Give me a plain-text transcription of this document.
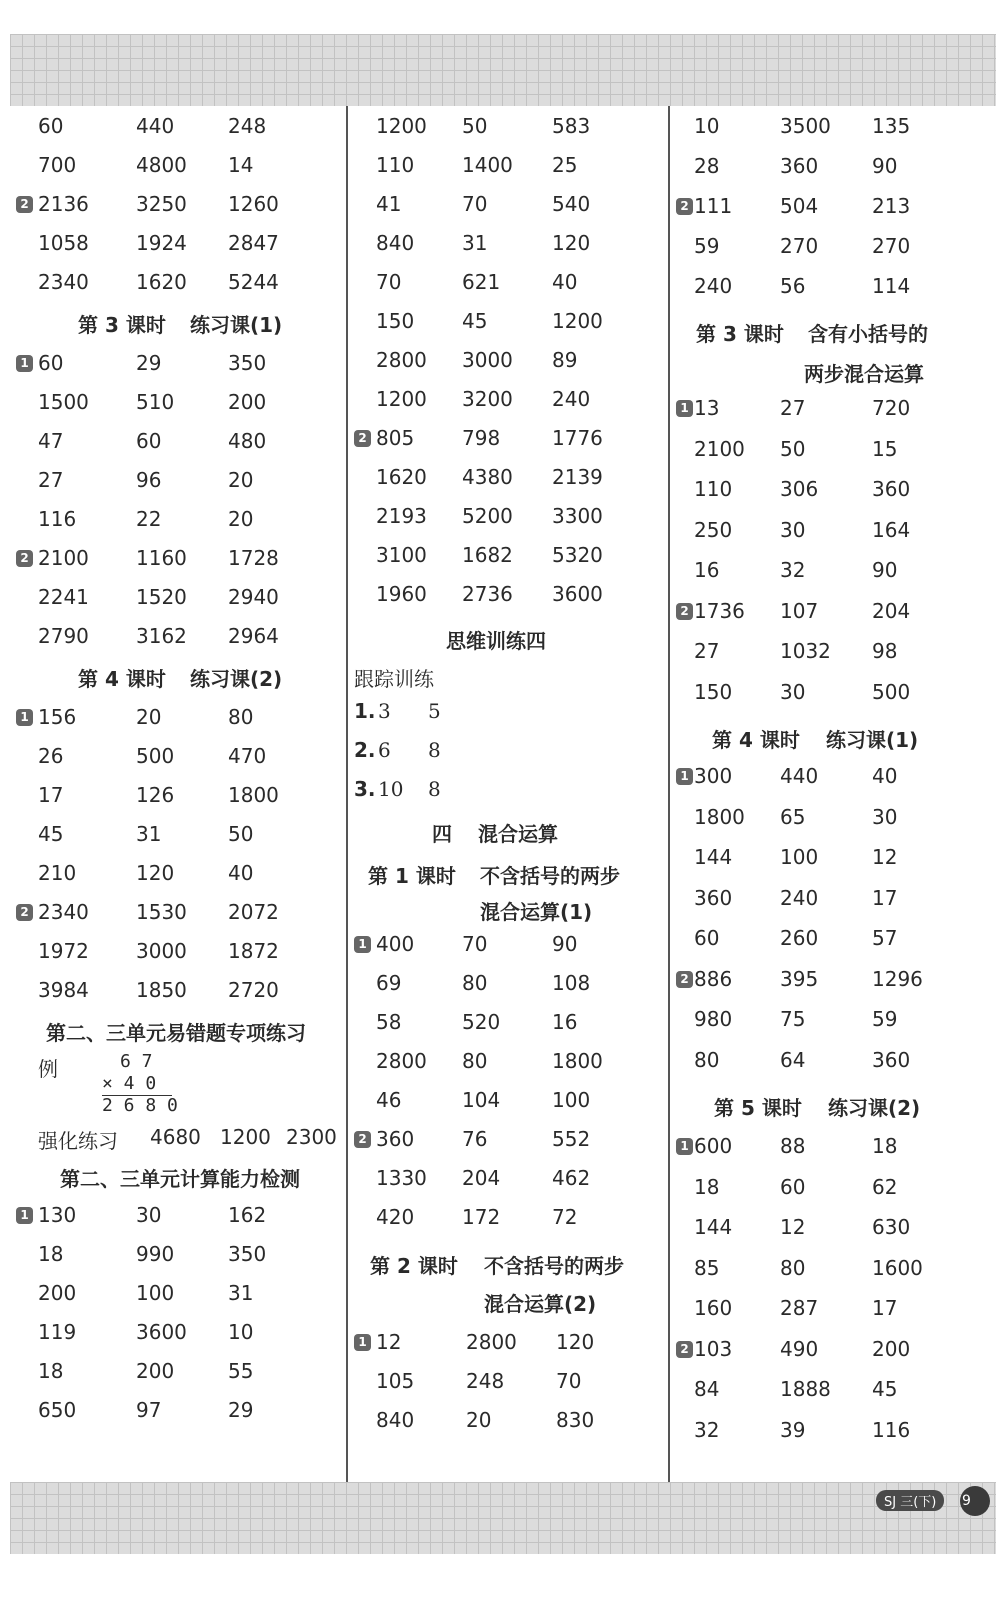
60	440	248
700	4800 14
2 2136 3250 1260
1058 1924 2847
2340 1620 5244
第 3 课时 练习课(1)
1 60	29	350
1500 510	200
47	60	480
27	96	20
116	22	20
2 2100 1160 1728
2241 1520 2940
2790 3162 2964
第 4 课时 练习课(2)
1 156	20	80
26	500	470
17	126	1800
45	31	50
210	120	40
2 2340 1530 2072
1972 3000 1872
3984 1850 2720
第二、三单元易错题专项练习
例	6 7
× 4 0
2 6 8 0
强化练习 4680 1200 2300
第二、三单元计算能力检测
1 130	30	162
18	990	350
200	100	31
119	3600 10
18	200	55
650	97	29
1200 50	583
110 1400 25
41	70	540
840 31	120
70	621	40
150 45	1200
2800 3000 89
1200 3200 240
2 805 798	1776
1620 4380 2139
2193 5200 3300
3100 1682 5320
1960 2736 3600
思维训练四
跟踪训练
1. 3 5
2. 6 8
3. 10 8
四 混合运算
第 1 课时 不含括号的两步
混合运算(1)
1 400 70	90
69	80	108
58	520	16
2800 80	1800
46	104	100
2 360 76	552
1330 204	462
420 172	72
第 2 课时 不含括号的两步
混合运算(2)
1 12	2800 120
105	248	70
840	20	830
10	3500 135
28	360	90
2 111 504	213
59	270	270
240 56	114
第 3 课时 含有小括号的
两步混合运算
1 13	27	720
2100 50	15
110 306	360
250 30	164
16	32	90
2 1736 107	204
27	1032 98
150 30	500
第 4 课时 练习课(1)
1 300 440	40
1800 65	30
144 100	12
360 240	17
60	260	57
2 886 395	1296
980 75	59
80	64	360
第 5 课时 练习课(2)
1 600 88	18
18	60	62
144 12	630
85	80	1600
160 287	17
2 103 490	200
84	1888 45
32	39	116
SJ 三(下)	9
